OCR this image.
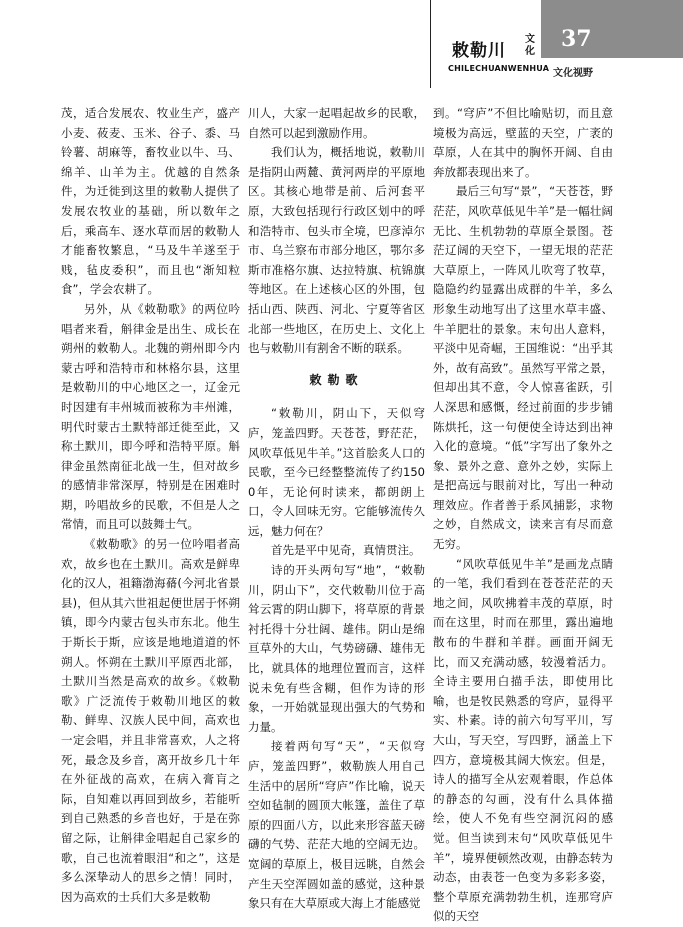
敕勒川
文化
CHILECHUANWENHUA
37
文化视野

茂，适合发展农、牧业生产，盛产小麦、莜麦、玉米、谷子、黍、马铃薯、胡麻等，畜牧业以牛、马、绵羊、山羊为主。优越的自然条件，为迁徙到这里的敕勒人提供了发展农牧业的基础，所以数年之后，乘高车、逐水草而居的敕勒人才能畜牧繁息，“马及牛羊遂至于贱，毡皮委积”，而且也“渐知粒食”，学会农耕了。

另外，从《敕勒歌》的两位吟唱者来看，斛律金是出生、成长在朔州的敕勒人。北魏的朔州即今内蒙古呼和浩特市和林格尔县，这里是敕勒川的中心地区之一，辽金元时因建有丰州城而被称为丰州滩，明代时蒙古土默特部迁徙至此，又称土默川，即今呼和浩特平原。斛律金虽然南征北战一生，但对故乡的感情非常深厚，特别是在困难时期，吟唱故乡的民歌，不但是人之常情，而且可以鼓舞士气。

《敕勒歌》的另一位吟唱者高欢，故乡也在土默川。高欢是鲜卑化的汉人，祖籍渤海蓨(今河北省景县)，但从其六世祖起便世居于怀朔镇，即今内蒙古包头市东北。他生于斯长于斯，应该是地地道道的怀朔人。怀朔在土默川平原西北部，土默川当然是高欢的故乡。《敕勒歌》广泛流传于敕勒川地区的敕勒、鲜卑、汉族人民中间，高欢也一定会唱，并且非常喜欢，人之将死，最念及乡音，离开故乡几十年在外征战的高欢，在病入膏肓之际，自知难以再回到故乡，若能听到自己熟悉的乡音也好，于是在弥留之际，让斛律金唱起自己家乡的歌，自己也流着眼泪“和之”，这是多么深挚动人的思乡之情！同时，因为高欢的士兵们大多是敕勒

川人，大家一起唱起故乡的民歌，自然可以起到激励作用。

我们认为，概括地说，敕勒川是指阴山两麓、黄河两岸的平原地区。其核心地带是前、后河套平原，大致包括现行行政区划中的呼和浩特市、包头市全境，巴彦淖尔市、乌兰察布市部分地区，鄂尔多斯市准格尔旗、达拉特旗、杭锦旗等地区。在上述核心区的外围，包括山西、陕西、河北、宁夏等省区北部一些地区，在历史上、文化上也与敕勒川有割舍不断的联系。

敕勒歌

“敕勒川，阴山下，天似穹庐，笼盖四野。天苍苍，野茫茫，风吹草低见牛羊。”这首脍炙人口的民歌，至今已经整整流传了约1500年，无论何时读来，都朗朗上口，令人回味无穷。它能够流传久远，魅力何在？

首先是平中见奇，真情贯注。

诗的开头两句写“地”，“敕勒川，阴山下”，交代敕勒川位于高耸云霄的阴山脚下，将草原的背景衬托得十分壮阔、雄伟。阴山是绵亘草外的大山，气势磅礴、雄伟无比，就具体的地理位置而言，这样说未免有些含糊，但作为诗的形象，一开始就显现出强大的气势和力量。

接着两句写“天”，“天似穹庐，笼盖四野”，敕勒族人用自己生活中的居所“穹庐”作比喻，说天空如毡制的圆顶大帐篷，盖住了草原的四面八方，以此来形容蓝天磅礴的气势、茫茫大地的空阔无边。宽阔的草原上，极目远眺，自然会产生天空浑圆如盖的感觉，这种景象只有在大草原或大海上才能感觉

到。“穹庐”不但比喻贴切，而且意境极为高远，壁蓝的天空，广袤的草原，人在其中的胸怀开阔、自由奔放都表现出来了。

最后三句写“景”，“天苍苍，野茫茫，风吹草低见牛羊”是一幅壮阔无比、生机勃勃的草原全景图。苍茫辽阔的天空下，一望无垠的茫茫大草原上，一阵风儿吹弯了牧草，隐隐约约显露出成群的牛羊，多么形象生动地写出了这里水草丰盛、牛羊肥壮的景象。末句出人意料，平淡中见奇崛，王国维说：“出乎其外，故有高致”。虽然写平常之景，但却出其不意，令人惊喜雀跃，引人深思和感慨，经过前面的步步铺陈烘托，这一句便使全诗达到出神入化的意境。“低”字写出了象外之象、景外之意、意外之妙，实际上是把高远与眼前对比，写出一种动理效应。作者善于系风捕影，求物之妙，自然成文，读来言有尽而意无穷。

“风吹草低见牛羊”是画龙点睛的一笔，我们看到在苍苍茫茫的天地之间，风吹拂着丰茂的草原，时而在这里，时而在那里，露出遍地散布的牛群和羊群。画面开阔无比，而又充满动感，较漫着活力。全诗主要用白描手法，即使用比喻，也是牧民熟悉的穹庐，显得平实、朴素。诗的前六句写平川，写大山，写天空，写四野，涵盖上下四方，意境极其阔大恢宏。但是，诗人的描写全从宏观着眼，作总体的静态的勾画，没有什么具体描绘，使人不免有些空洞沉闷的感觉。但当读到末句“风吹草低见牛羊”，境界便顿然改观，由静态转为动态，由表苍一色变为多彩多姿，整个草原充满勃勃生机，连那穹庐似的天空
